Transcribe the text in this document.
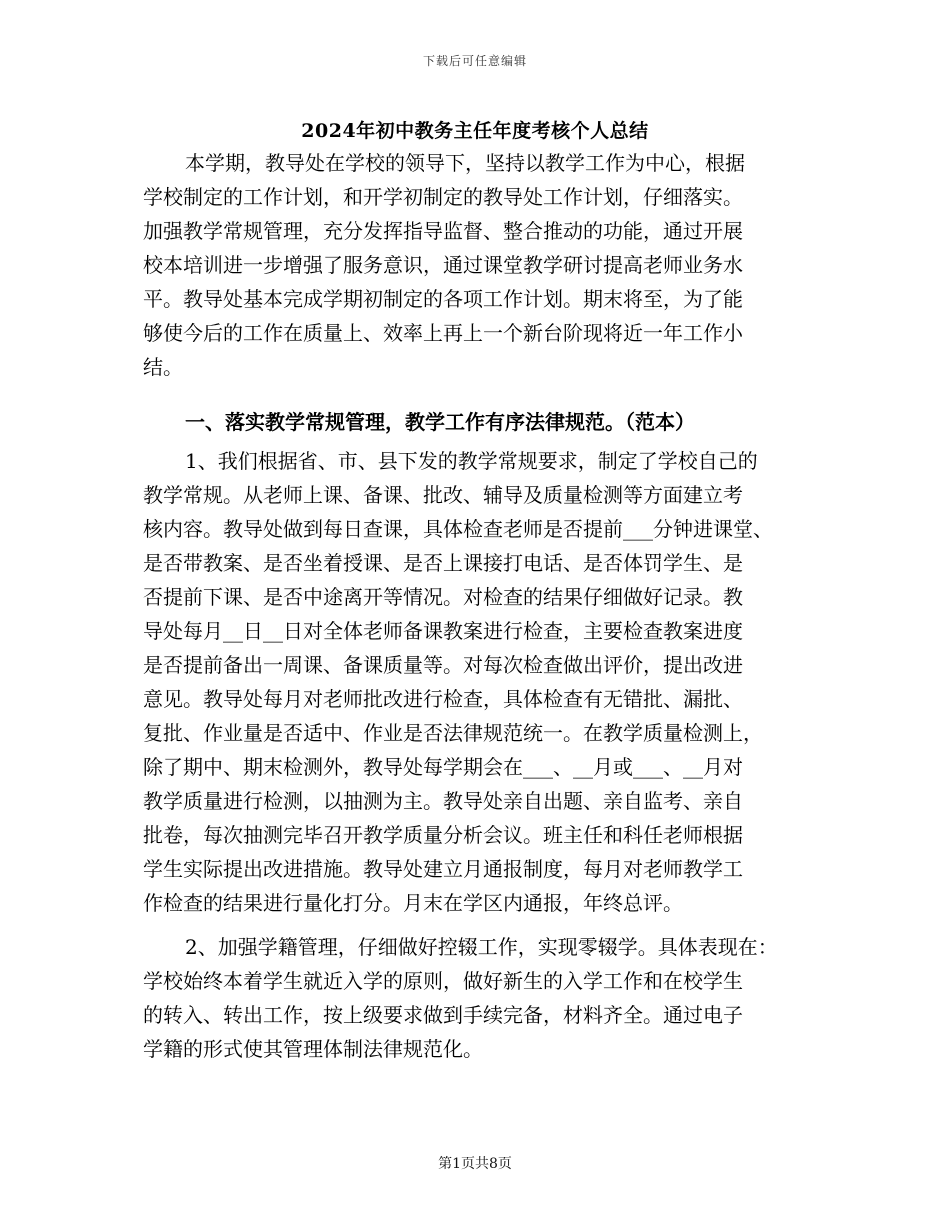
下载后可任意编辑
2024年初中教务主任年度考核个人总结
本学期，教导处在学校的领导下，坚持以教学工作为中心，根据
学校制定的工作计划，和开学初制定的教导处工作计划，仔细落实。
加强教学常规管理，充分发挥指导监督、整合推动的功能，通过开展
校本培训进一步增强了服务意识，通过课堂教学研讨提高老师业务水
平。教导处基本完成学期初制定的各项工作计划。期末将至，为了能
够使今后的工作在质量上、效率上再上一个新台阶现将近一年工作小
结。
一、落实教学常规管理，教学工作有序法律规范。（范本）
1、我们根据省、市、县下发的教学常规要求，制定了学校自己的
教学常规。从老师上课、备课、批改、辅导及质量检测等方面建立考
核内容。教导处做到每日查课，具体检查老师是否提前___分钟进课堂、
是否带教案、是否坐着授课、是否上课接打电话、是否体罚学生、是
否提前下课、是否中途离开等情况。对检查的结果仔细做好记录。教
导处每月__日__日对全体老师备课教案进行检查，主要检查教案进度
是否提前备出一周课、备课质量等。对每次检查做出评价，提出改进
意见。教导处每月对老师批改进行检查，具体检查有无错批、漏批、
复批、作业量是否适中、作业是否法律规范统一。在教学质量检测上，
除了期中、期末检测外，教导处每学期会在___、__月或___、__月对
教学质量进行检测，以抽测为主。教导处亲自出题、亲自监考、亲自
批卷，每次抽测完毕召开教学质量分析会议。班主任和科任老师根据
学生实际提出改进措施。教导处建立月通报制度，每月对老师教学工
作检查的结果进行量化打分。月末在学区内通报，年终总评。
2、加强学籍管理，仔细做好控辍工作，实现零辍学。具体表现在：
学校始终本着学生就近入学的原则，做好新生的入学工作和在校学生
的转入、转出工作，按上级要求做到手续完备，材料齐全。通过电子
学籍的形式使其管理体制法律规范化。
第1页共8页
